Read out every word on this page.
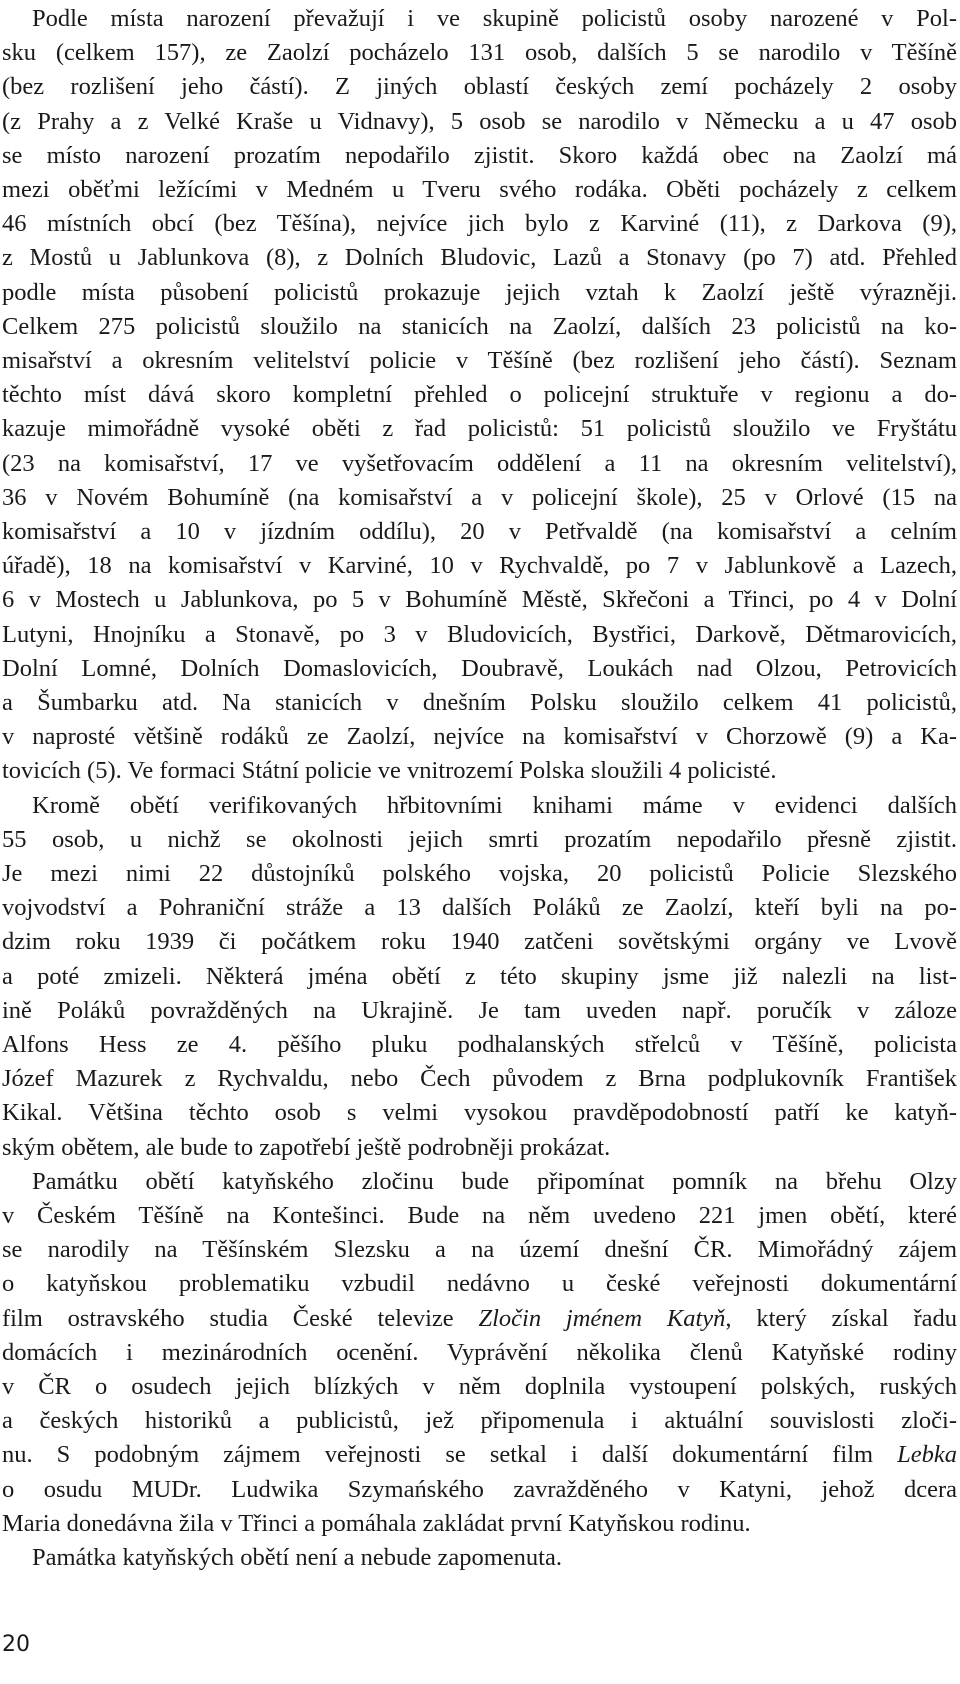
Podle místa narození převažují i ve skupině policistů osoby narozené v Pol-
sku (celkem 157), ze Zaolzí pocházelo 131 osob, dalších 5 se narodilo v Těšíně
(bez rozlišení jeho částí). Z jiných oblastí českých zemí pocházely 2 osoby
(z Prahy a z Velké Kraše u Vidnavy), 5 osob se narodilo v Německu a u 47 osob
se místo narození prozatím nepodařilo zjistit. Skoro každá obec na Zaolzí má
mezi oběťmi ležícími v Medném u Tveru svého rodáka. Oběti pocházely z celkem
46 místních obcí (bez Těšína), nejvíce jich bylo z Karviné (11), z Darkova (9),
z Mostů u Jablunkova (8), z Dolních Bludovic, Lazů a Stonavy (po 7) atd. Přehled
podle místa působení policistů prokazuje jejich vztah k Zaolzí ještě výrazněji.
Celkem 275 policistů sloužilo na stanicích na Zaolzí, dalších 23 policistů na ko-
misařství a okresním velitelství policie v Těšíně (bez rozlišení jeho částí). Seznam
těchto míst dává skoro kompletní přehled o policejní struktuře v regionu a do-
kazuje mimořádně vysoké oběti z řad policistů: 51 policistů sloužilo ve Fryštátu
(23 na komisařství, 17 ve vyšetřovacím oddělení a 11 na okresním velitelství),
36 v Novém Bohumíně (na komisařství a v policejní škole), 25 v Orlové (15 na
komisařství a 10 v jízdním oddílu), 20 v Petřvaldě (na komisařství a celním
úřadě), 18 na komisařství v Karviné, 10 v Rychvaldě, po 7 v Jablunkově a Lazech,
6 v Mostech u Jablunkova, po 5 v Bohumíně Městě, Skřečoni a Třinci, po 4 v Dolní
Lutyni, Hnojníku a Stonavě, po 3 v Bludovicích, Bystřici, Darkově, Dětmarovicích,
Dolní Lomné, Dolních Domaslovicích, Doubravě, Loukách nad Olzou, Petrovicích
a Šumbarku atd. Na stanicích v dnešním Polsku sloužilo celkem 41 policistů,
v naprosté většině rodáků ze Zaolzí, nejvíce na komisařství v Chorzowě (9) a Ka-
tovicích (5). Ve formaci Státní policie ve vnitrozemí Polska sloužili 4 policisté.
Kromě obětí verifikovaných hřbitovními knihami máme v evidenci dalších
55 osob, u nichž se okolnosti jejich smrti prozatím nepodařilo přesně zjistit.
Je mezi nimi 22 důstojníků polského vojska, 20 policistů Policie Slezského
vojvodství a Pohraniční stráže a 13 dalších Poláků ze Zaolzí, kteří byli na po-
dzim roku 1939 či počátkem roku 1940 zatčeni sovětskými orgány ve Lvově
a poté zmizeli. Některá jména obětí z této skupiny jsme již nalezli na list-
ině Poláků povražděných na Ukrajině. Je tam uveden např. poručík v záloze
Alfons Hess ze 4. pěšího pluku podhalanských střelců v Těšíně, policista
Józef Mazurek z Rychvaldu, nebo Čech původem z Brna podplukovník František
Kikal. Většina těchto osob s velmi vysokou pravděpodobností patří ke katyň-
ským obětem, ale bude to zapotřebí ještě podrobněji prokázat.
Památku obětí katyňského zločinu bude připomínat pomník na břehu Olzy
v Českém Těšíně na Kontešinci. Bude na něm uvedeno 221 jmen obětí, které
se narodily na Těšínském Slezsku a na území dnešní ČR. Mimořádný zájem
o katyňskou problematiku vzbudil nedávno u české veřejnosti dokumentární
film ostravského studia České televize Zločin jménem Katyň, který získal řadu
domácích i mezinárodních ocenění. Vyprávění několika členů Katyňské rodiny
v ČR o osudech jejich blízkých v něm doplnila vystoupení polských, ruských
a českých historiků a publicistů, jež připomenula i aktuální souvislosti zloči-
nu. S podobným zájmem veřejnosti se setkal i další dokumentární film Lebka
o osudu MUDr. Ludwika Szymańského zavražděného v Katyni, jehož dcera
Maria donedávna žila v Třinci a pomáhala zakládat první Katyňskou rodinu.
Památka katyňských obětí není a nebude zapomenuta.
20
